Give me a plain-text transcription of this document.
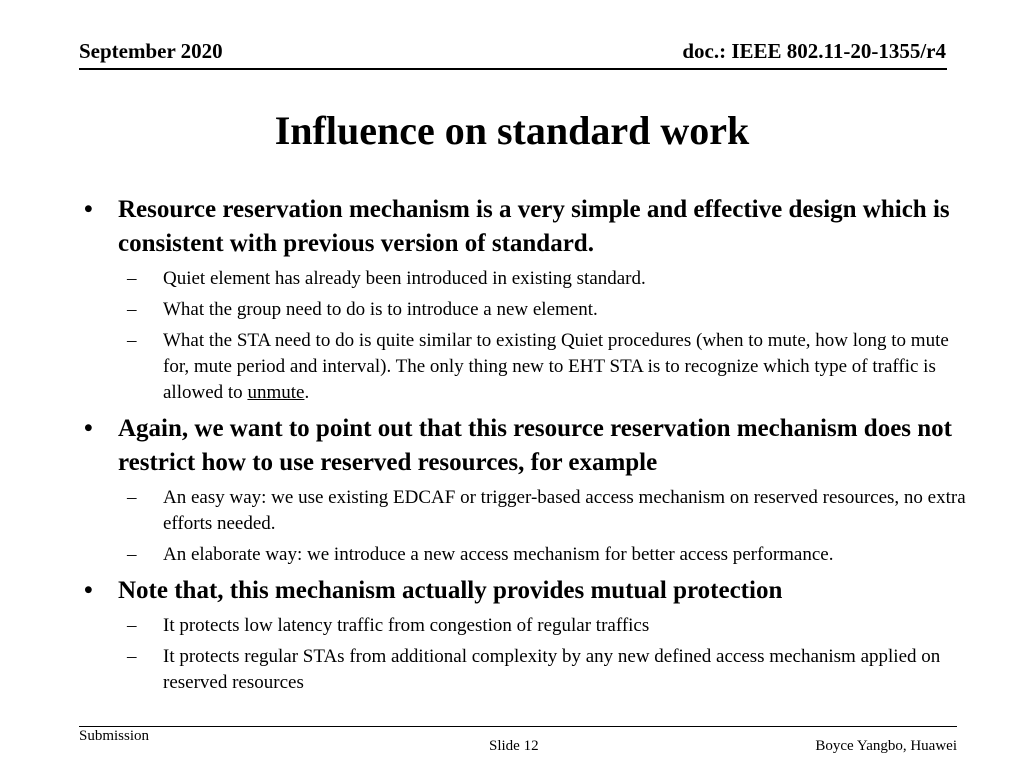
September 2020	doc.: IEEE 802.11-20-1355/r4
Influence on standard work
• Resource reservation mechanism is a very simple and effective design which is consistent with previous version of standard.
– Quiet element has already been introduced in existing standard.
– What the group need to do is to introduce a new element.
– What the STA need to do is quite similar to existing Quiet procedures (when to mute, how long to mute for, mute period and interval). The only thing new to EHT STA is to recognize which type of traffic is allowed to unmute.
• Again, we want to point out that this resource reservation mechanism does not restrict how to use reserved resources, for example
– An easy way: we use existing EDCAF or trigger-based access mechanism on reserved resources, no extra efforts needed.
– An elaborate way: we introduce a new access mechanism for better access performance.
• Note that, this mechanism actually provides mutual protection
– It protects low latency traffic from congestion of regular traffics
– It protects regular STAs from additional complexity by any new defined access mechanism applied on reserved resources
Submission
Slide 12	Boyce Yangbo, Huawei
